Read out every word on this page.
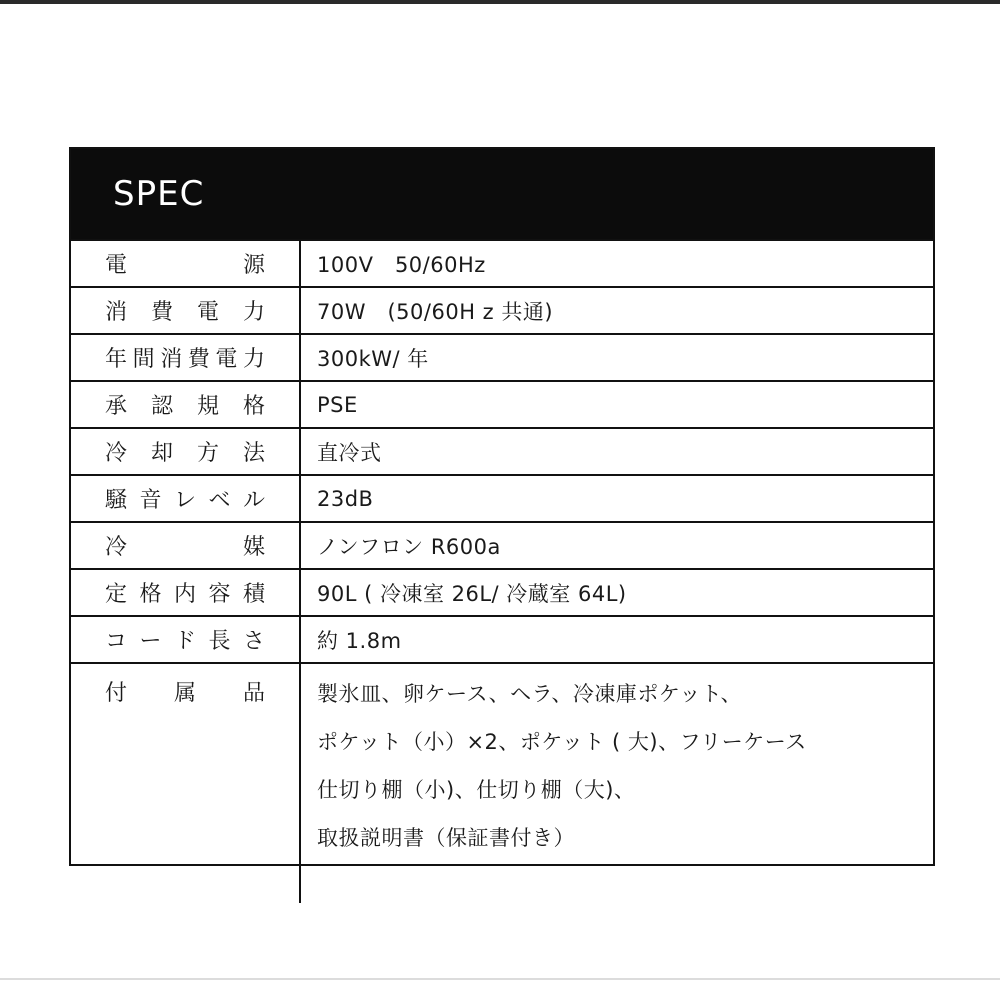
SPEC
電　　　源	100V　50/60Hz
消費電力	70W　(50/60H z 共通)
年間消費電力	300kW/ 年
承認規格	PSE
冷却方法	直冷式
騒音レベル	23dB
冷　　　媒	ノンフロン R600a
定格内容積	90L ( 冷凍室 26L/ 冷蔵室 64L)
コード長さ	約 1.8m
付　　属　　品 製氷皿、卵ケース、ヘラ、冷凍庫ポケット、
ポケット（小）×2、ポケット ( 大)、フリーケース
仕切り棚（小)、仕切り棚（大)、
取扱説明書（保証書付き）
